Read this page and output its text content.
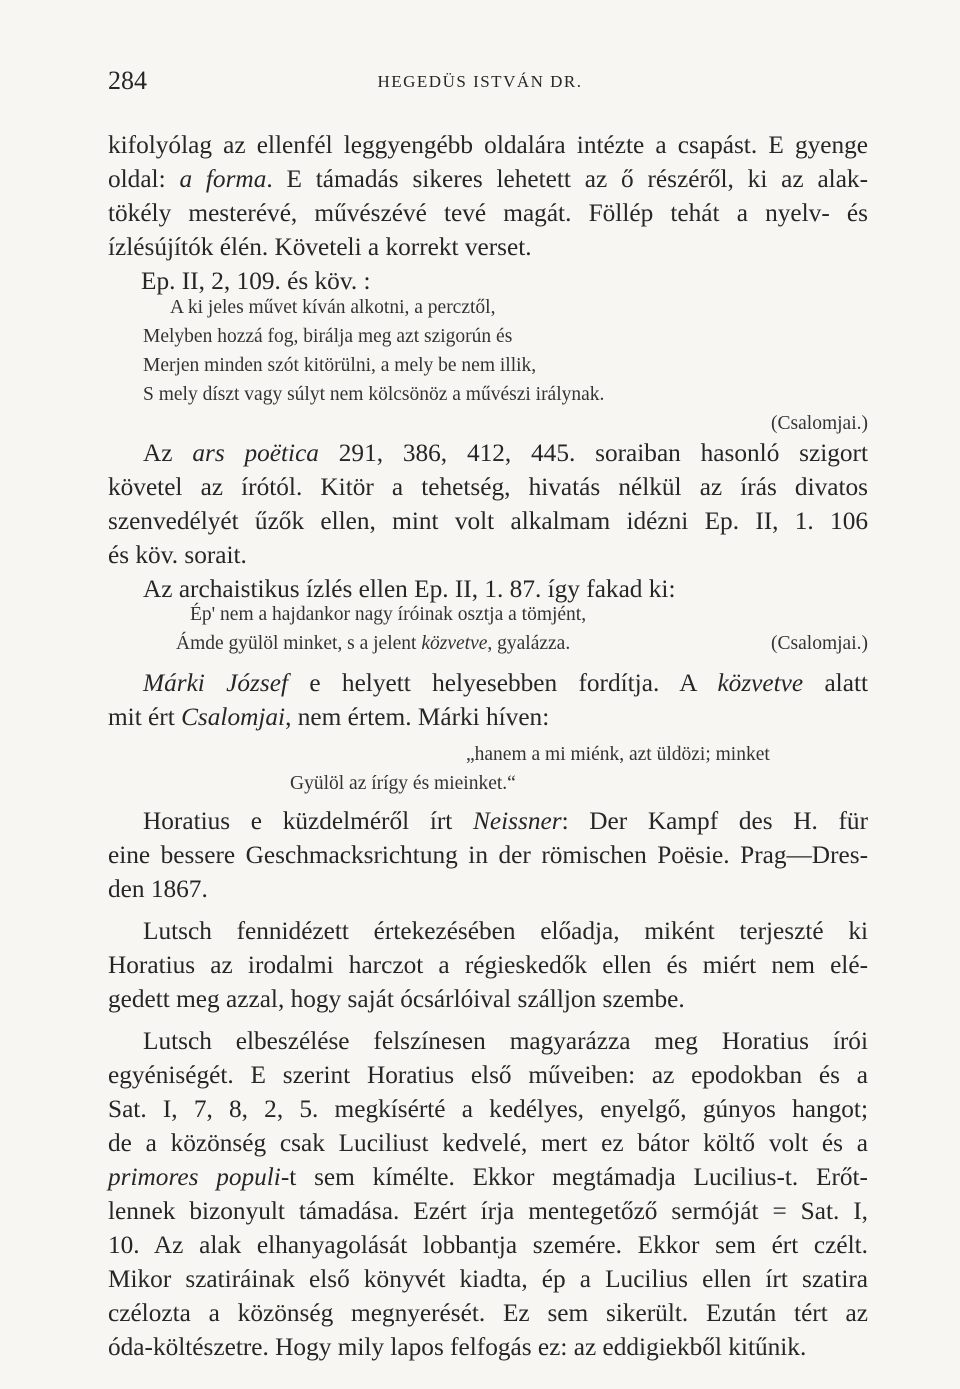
284	HEGEDÜS ISTVÁN DR.
kifolyólag az ellenfél leggyengébb oldalára intézte a csapást. E gyenge
oldal: a forma. E támadás sikeres lehetett az ő részéről, ki az alak-
tökély mesterévé, művészévé tevé magát. Föllép tehát a nyelv- és
ízlésújítók élén. Követeli a korrekt verset.
Ep. II, 2, 109. és köv. :
A ki jeles művet kíván alkotni, a percztől,
Melyben hozzá fog, birálja meg azt szigorún és
Merjen minden szót kitörülni, a mely be nem illik,
S mely díszt vagy súlyt nem kölcsönöz a művészi irálynak.
(Csalomjai.)
Az ars poëtica 291, 386, 412, 445. soraiban hasonló szigort
követel az írótól. Kitör a tehetség, hivatás nélkül az írás divatos
szenvedélyét űzők ellen, mint volt alkalmam idézni Ep. II, 1. 106
és köv. sorait.
Az archaistikus ízlés ellen Ep. II, 1. 87. így fakad ki:
Ép' nem a hajdankor nagy íróinak osztja a tömjént,
Ámde gyülöl minket, s a jelent közvetve, gyalázza.	(Csalomjai.)
Márki József e helyett helyesebben fordítja. A közvetve alatt
mit ért Csalomjai, nem értem. Márki híven:
„hanem a mi miénk, azt üldözi; minket
Gyülöl az írígy és mieinket.“
Horatius e küzdelméről írt Neissner: Der Kampf des H. für
eine bessere Geschmacksrichtung in der römischen Poësie. Prag—Dres-
den 1867.
Lutsch fennidézett értekezésében előadja, miként terjeszté ki
Horatius az irodalmi harczot a régieskedők ellen és miért nem elé-
gedett meg azzal, hogy saját ócsárlóival szálljon szembe.
Lutsch elbeszélése felszínesen magyarázza meg Horatius írói
egyéniségét. E szerint Horatius első műveiben: az epodokban és a
Sat. I, 7, 8, 2, 5. megkísérté a kedélyes, enyelgő, gúnyos hangot;
de a közönség csak Luciliust kedvelé, mert ez bátor költő volt és a
primores populi-t sem kímélte. Ekkor megtámadja Lucilius-t. Erőt-
lennek bizonyult támadása. Ezért írja mentegetőző sermóját = Sat. I,
10. Az alak elhanyagolását lobbantja szemére. Ekkor sem ért czélt.
Mikor szatiráinak első könyvét kiadta, ép a Lucilius ellen írt szatira
czélozta a közönség megnyerését. Ez sem sikerült. Ezután tért az
óda-költészetre. Hogy mily lapos felfogás ez: az eddigiekből kitűnik.
